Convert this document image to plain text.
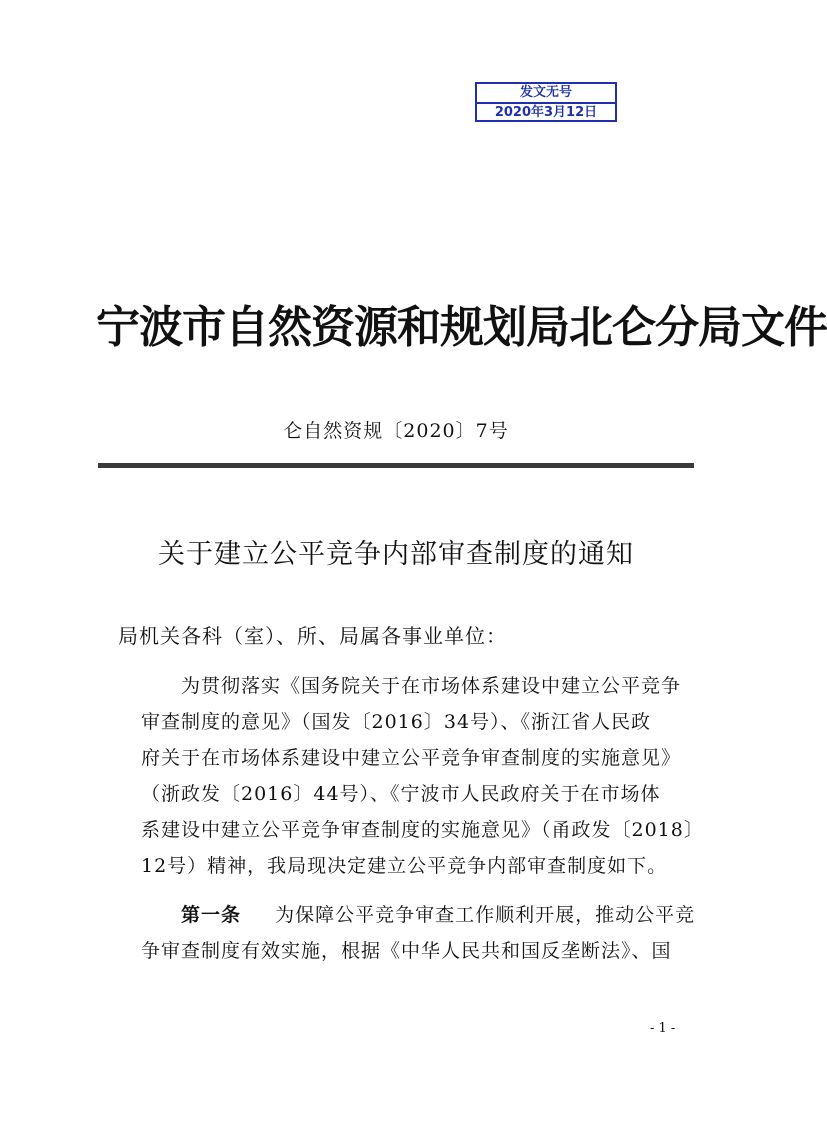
发文无号
2020年3月12日
宁波市自然资源和规划局北仑分局文件
仑自然资规〔2020〕7号
关于建立公平竞争内部审查制度的通知
局机关各科（室）、所、局属各事业单位：
为贯彻落实《国务院关于在市场体系建设中建立公平竞争
审查制度的意见》（国发〔2016〕34号）、《浙江省人民政
府关于在市场体系建设中建立公平竞争审查制度的实施意见》
（浙政发〔2016〕44号）、《宁波市人民政府关于在市场体
系建设中建立公平竞争审查制度的实施意见》（甬政发〔2018〕
12号）精神，我局现决定建立公平竞争内部审查制度如下。
第一条 为保障公平竞争审查工作顺利开展，推动公平竞
争审查制度有效实施，根据《中华人民共和国反垄断法》、国
- 1 -
